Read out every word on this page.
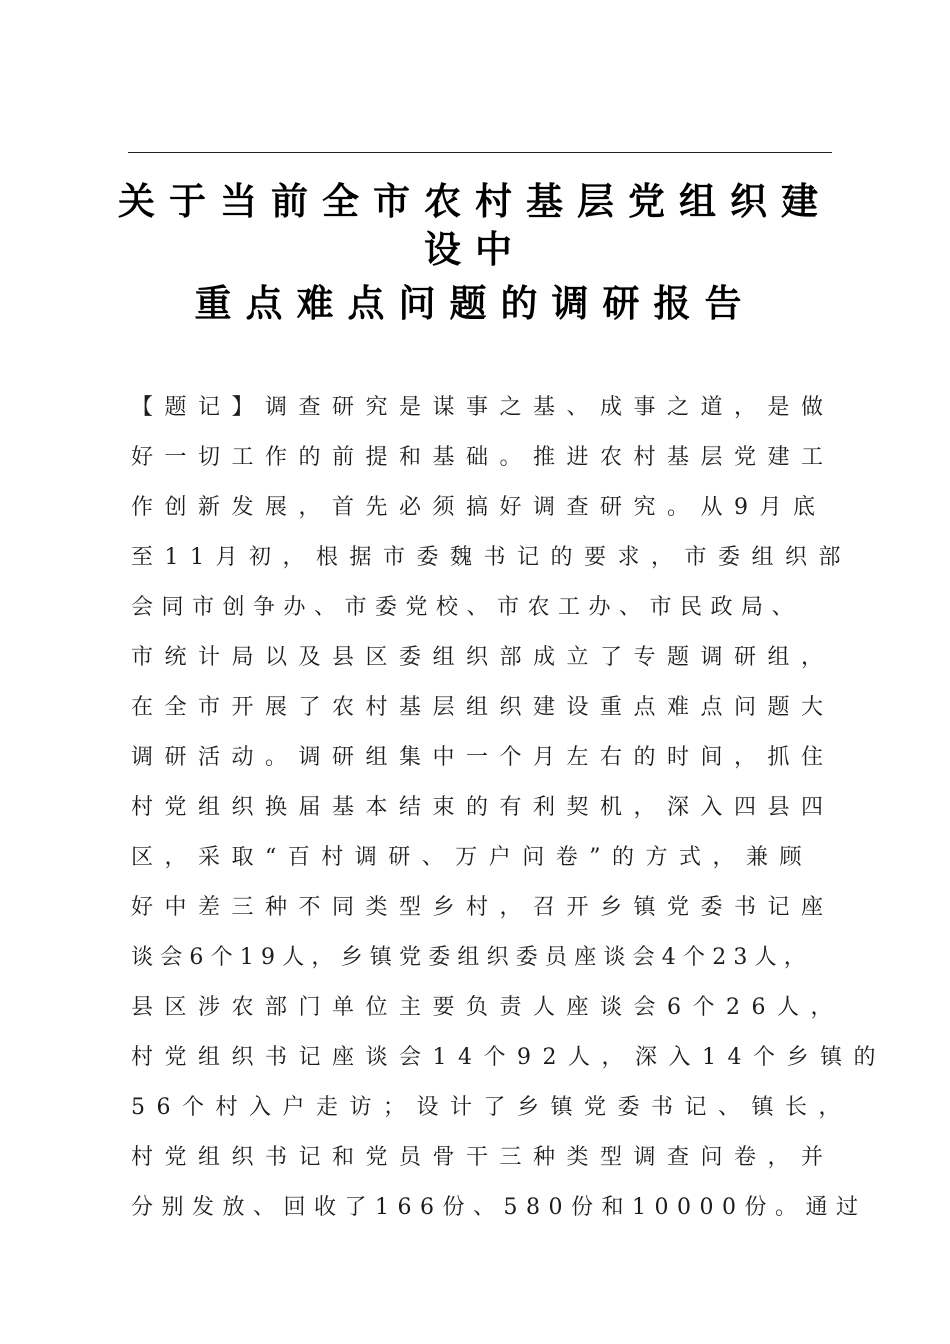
关于当前全市农村基层党组织建
设中
重点难点问题的调研报告
【题记】调查研究是谋事之基、成事之道，是做
好一切工作的前提和基础。推进农村基层党建工
作创新发展，首先必须搞好调查研究。从9月底
至11月初，根据市委魏书记的要求，市委组织部
会同市创争办、市委党校、市农工办、市民政局、
市统计局以及县区委组织部成立了专题调研组，
在全市开展了农村基层组织建设重点难点问题大
调研活动。调研组集中一个月左右的时间，抓住
村党组织换届基本结束的有利契机，深入四县四
区，采取“百村调研、万户问卷”的方式，兼顾
好中差三种不同类型乡村，召开乡镇党委书记座
谈会6个19人，乡镇党委组织委员座谈会4个23人，
县区涉农部门单位主要负责人座谈会6个26人，
村党组织书记座谈会14个92人，深入14个乡镇的
56个村入户走访；设计了乡镇党委书记、镇长，
村党组织书记和党员骨干三种类型调查问卷，并
分别发放、回收了166份、580份和10000份。通过
